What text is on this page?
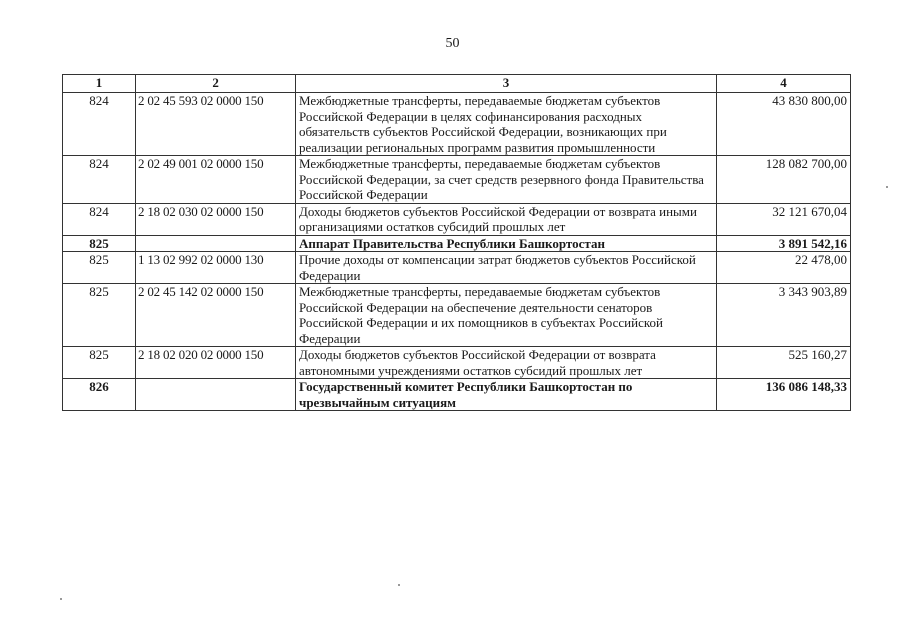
50
1	2	3	4
824	2 02 45 593 02 0000 150	Межбюджетные трансферты, передаваемые бюджетам субъектов Российской Федерации в целях софинансирования расходных обязательств субъектов Российской Федерации, возникающих при реализации региональных программ развития промышленности	43 830 800,00
824	2 02 49 001 02 0000 150	Межбюджетные трансферты, передаваемые бюджетам субъектов Российской Федерации, за счет средств резервного фонда Правительства Российской Федерации	128 082 700,00
824	2 18 02 030 02 0000 150	Доходы бюджетов субъектов Российской Федерации от возврата иными организациями остатков субсидий прошлых лет	32 121 670,04
825		Аппарат Правительства Республики Башкортостан	3 891 542,16
825	1 13 02 992 02 0000 130	Прочие доходы от компенсации затрат бюджетов субъектов Российской Федерации	22 478,00
825	2 02 45 142 02 0000 150	Межбюджетные трансферты, передаваемые бюджетам субъектов Российской Федерации на обеспечение деятельности сенаторов Российской Федерации и их помощников в субъектах Российской Федерации	3 343 903,89
825	2 18 02 020 02 0000 150	Доходы бюджетов субъектов Российской Федерации от возврата автономными учреждениями остатков субсидий прошлых лет	525 160,27
826		Государственный комитет Республики Башкортостан по чрезвычайным ситуациям	136 086 148,33
